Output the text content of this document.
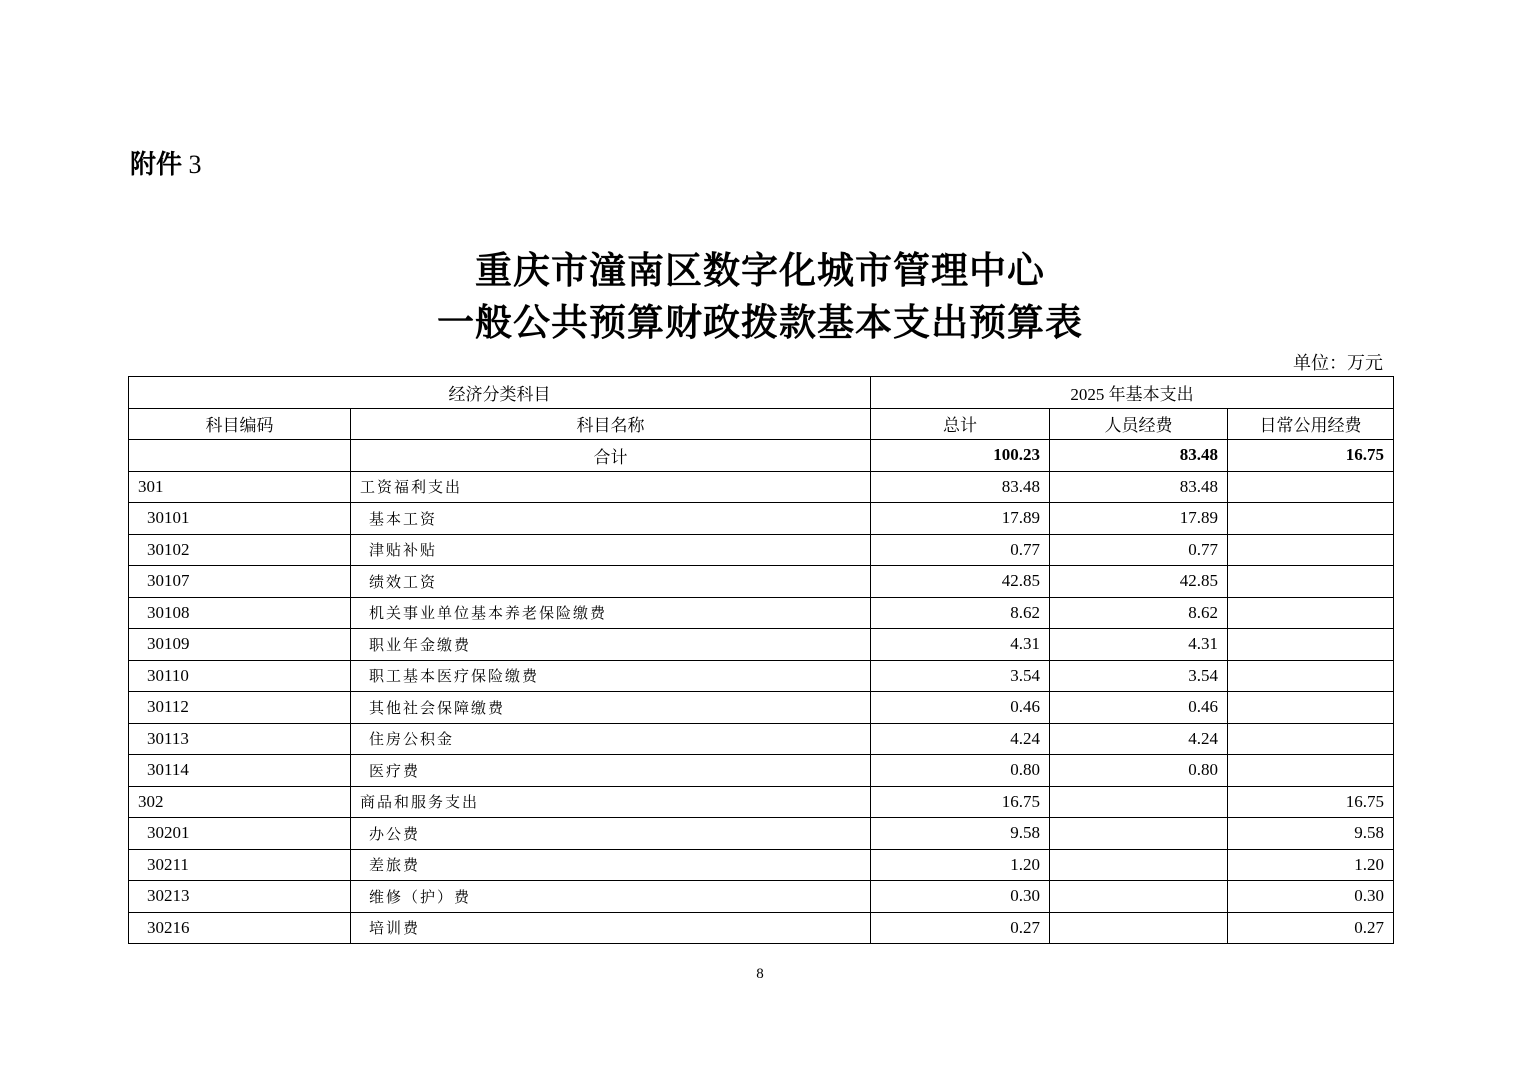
附件 3
重庆市潼南区数字化城市管理中心
一般公共预算财政拨款基本支出预算表
单位：万元
经济分类科目		2025 年基本支出		
科目编码	科目名称	总计	人员经费	日常公用经费
	合计	100.23	83.48	16.75
301	工资福利支出	83.48	83.48	
30101	基本工资	17.89	17.89	
30102	津贴补贴	0.77	0.77	
30107	绩效工资	42.85	42.85	
30108	机关事业单位基本养老保险缴费	8.62	8.62	
30109	职业年金缴费	4.31	4.31	
30110	职工基本医疗保险缴费	3.54	3.54	
30112	其他社会保障缴费	0.46	0.46	
30113	住房公积金	4.24	4.24	
30114	医疗费	0.80	0.80	
302	商品和服务支出	16.75		16.75
30201	办公费	9.58		9.58
30211	差旅费	1.20		1.20
30213	维修（护）费	0.30		0.30
30216	培训费	0.27		0.27
8
